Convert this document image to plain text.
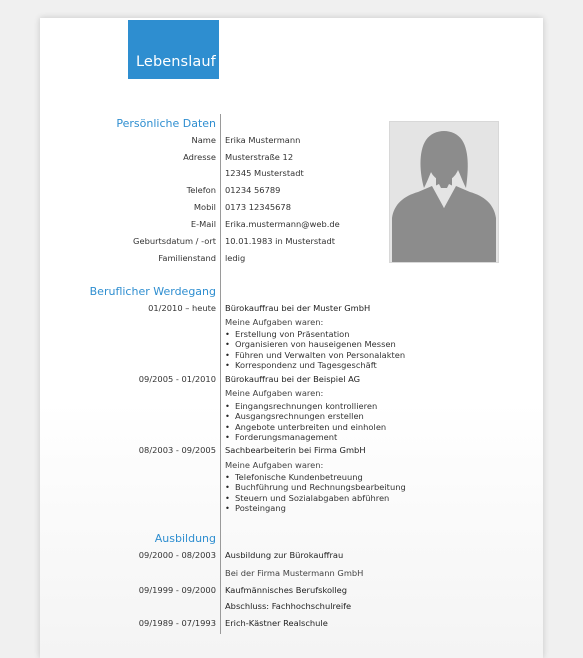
Lebenslauf
Persönliche Daten
Name Erika Mustermann
Adresse Musterstraße 12
12345 Musterstadt
Telefon 01234 56789
Mobil 0173 12345678
E-Mail Erika.mustermann@web.de
Geburtsdatum / -ort 10.01.1983 in Musterstadt
Familienstand ledig
Beruflicher Werdegang
01/2010 – heute Bürokauffrau bei der Muster GmbH
Meine Aufgaben waren:
• Erstellung von Präsentation
• Organisieren von hauseigenen Messen
• Führen und Verwalten von Personalakten
• Korrespondenz und Tagesgeschäft
09/2005 - 01/2010 Bürokauffrau bei der Beispiel AG
Meine Aufgaben waren:
• Eingangsrechnungen kontrollieren
• Ausgangsrechnungen erstellen
• Angebote unterbreiten und einholen
• Forderungsmanagement
08/2003 - 09/2005 Sachbearbeiterin bei Firma GmbH
Meine Aufgaben waren:
• Telefonische Kundenbetreuung
• Buchführung und Rechnungsbearbeitung
• Steuern und Sozialabgaben abführen
• Posteingang
Ausbildung
09/2000 - 08/2003 Ausbildung zur Bürokauffrau
Bei der Firma Mustermann GmbH
09/1999 - 09/2000 Kaufmännisches Berufskolleg
Abschluss: Fachhochschulreife
09/1989 - 07/1993 Erich-Kästner Realschule
